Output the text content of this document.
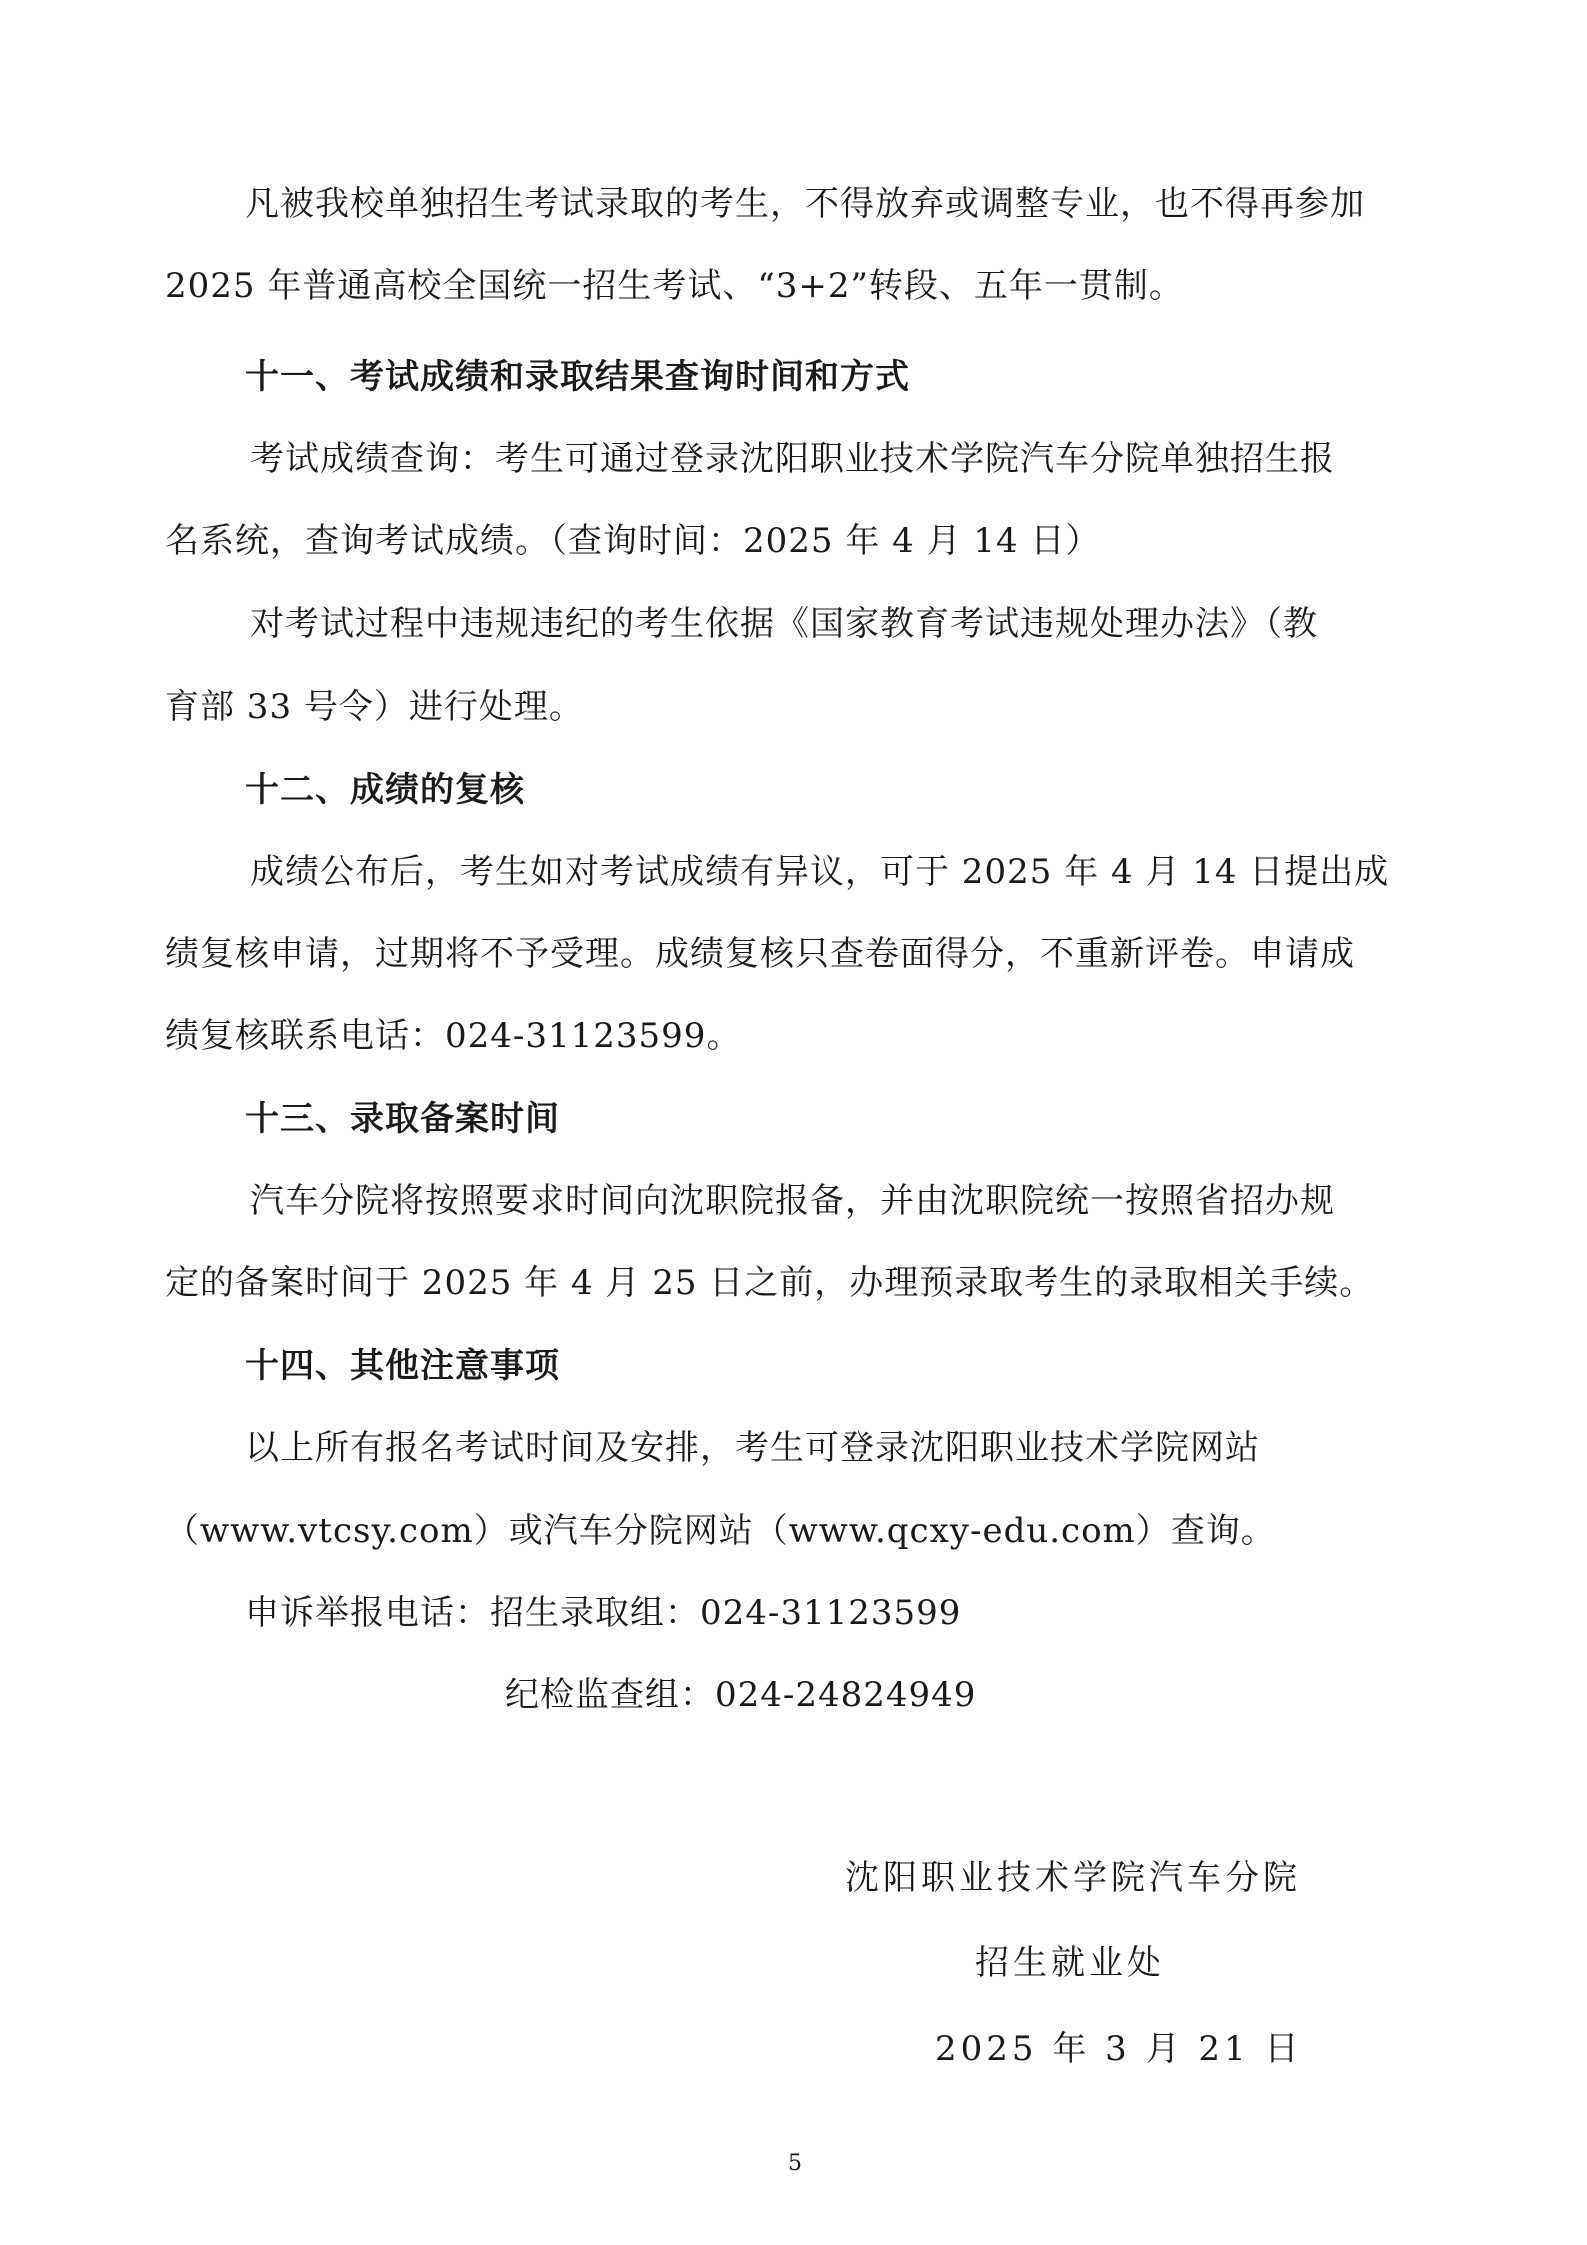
凡被我校单独招生考试录取的考生，不得放弃或调整专业，也不得再参加
2025 年普通高校全国统一招生考试、“3+2”转段、五年一贯制。
十一、考试成绩和录取结果查询时间和方式
考试成绩查询：考生可通过登录沈阳职业技术学院汽车分院单独招生报
名系统，查询考试成绩。（查询时间：2025 年 4 月 14 日）
对考试过程中违规违纪的考生依据《国家教育考试违规处理办法》（教
育部 33 号令）进行处理。
十二、成绩的复核
成绩公布后，考生如对考试成绩有异议，可于 2025 年 4 月 14 日提出成
绩复核申请，过期将不予受理。成绩复核只查卷面得分，不重新评卷。申请成
绩复核联系电话：024-31123599。
十三、录取备案时间
汽车分院将按照要求时间向沈职院报备，并由沈职院统一按照省招办规
定的备案时间于 2025 年 4 月 25 日之前，办理预录取考生的录取相关手续。
十四、其他注意事项
以上所有报名考试时间及安排，考生可登录沈阳职业技术学院网站
（www.vtcsy.com）或汽车分院网站（www.qcxy-edu.com）查询。
申诉举报电话：招生录取组：024-31123599
纪检监查组：024-24824949
沈阳职业技术学院汽车分院
招生就业处
2025 年 3 月 21 日
5
